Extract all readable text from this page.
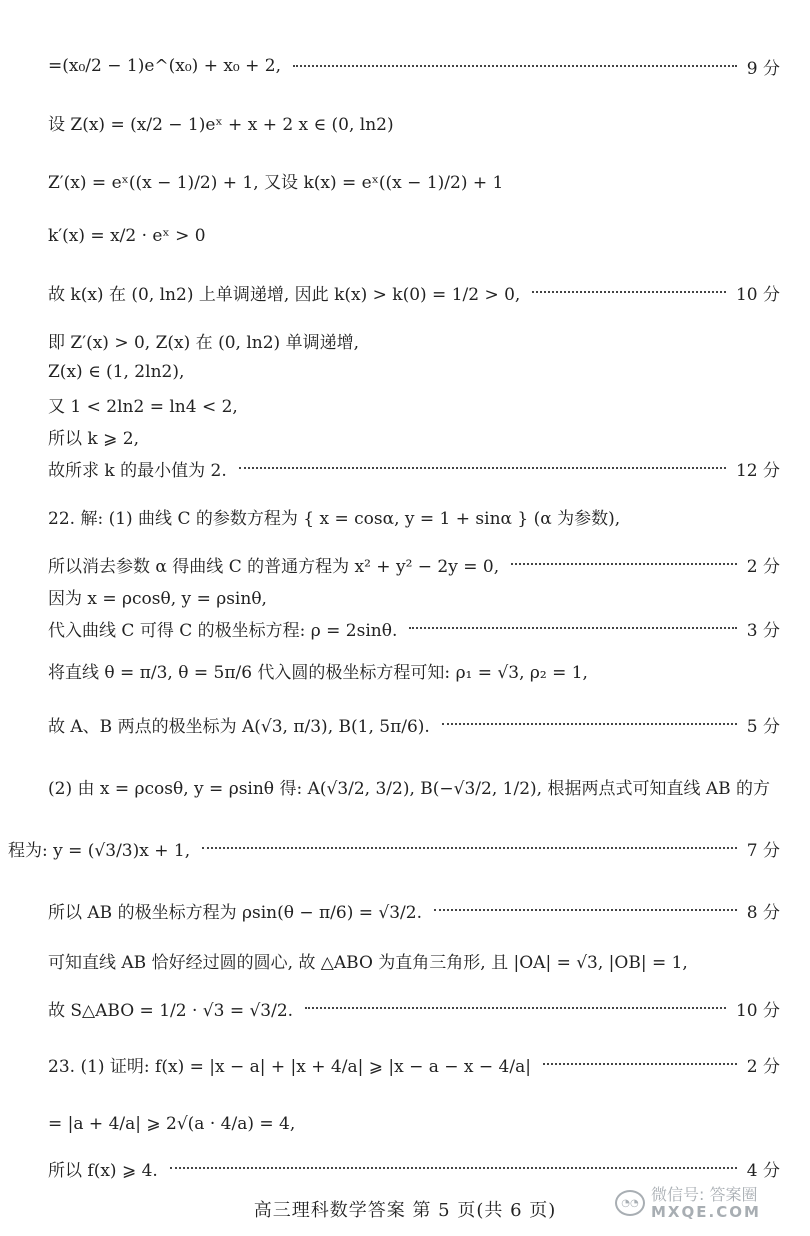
=(x₀/2 − 1)e^(x₀) + x₀ + 2,	9 分
设 Z(x) = (x/2 − 1)eˣ + x + 2 x ∈ (0, ln2)
Z′(x) = eˣ((x − 1)/2) + 1, 又设 k(x) = eˣ((x − 1)/2) + 1
k′(x) = x/2 · eˣ > 0
故 k(x) 在 (0, ln2) 上单调递增, 因此 k(x) > k(0) = 1/2 > 0,	10 分
即 Z′(x) > 0, Z(x) 在 (0, ln2) 单调递增,
Z(x) ∈ (1, 2ln2),
又 1 < 2ln2 = ln4 < 2,
所以 k ⩾ 2,
故所求 k 的最小值为 2.	12 分
22. 解: (1) 曲线 C 的参数方程为 { x = cosα, y = 1 + sinα } (α 为参数),
所以消去参数 α 得曲线 C 的普通方程为 x² + y² − 2y = 0,	2 分
因为 x = ρcosθ, y = ρsinθ,
代入曲线 C 可得 C 的极坐标方程: ρ = 2sinθ.	3 分
将直线 θ = π/3, θ = 5π/6 代入圆的极坐标方程可知: ρ₁ = √3, ρ₂ = 1,
故 A、B 两点的极坐标为 A(√3, π/3), B(1, 5π/6).	5 分
(2) 由 x = ρcosθ, y = ρsinθ 得: A(√3/2, 3/2), B(−√3/2, 1/2), 根据两点式可知直线 AB 的方
程为: y = (√3/3)x + 1,	7 分
所以 AB 的极坐标方程为 ρsin(θ − π/6) = √3/2.	8 分
可知直线 AB 恰好经过圆的圆心, 故 △ABO 为直角三角形, 且 |OA| = √3, |OB| = 1,
故 S△ABO = 1/2 · √3 = √3/2.	10 分
23. (1) 证明: f(x) = |x − a| + |x + 4/a| ⩾ |x − a − x − 4/a|	2 分
= |a + 4/a| ⩾ 2√(a · 4/a) = 4,
所以 f(x) ⩾ 4.	4 分
高三理科数学答案 第 5 页(共 6 页)	◔◔ 微信号: 答案圈
MXQE.COM
